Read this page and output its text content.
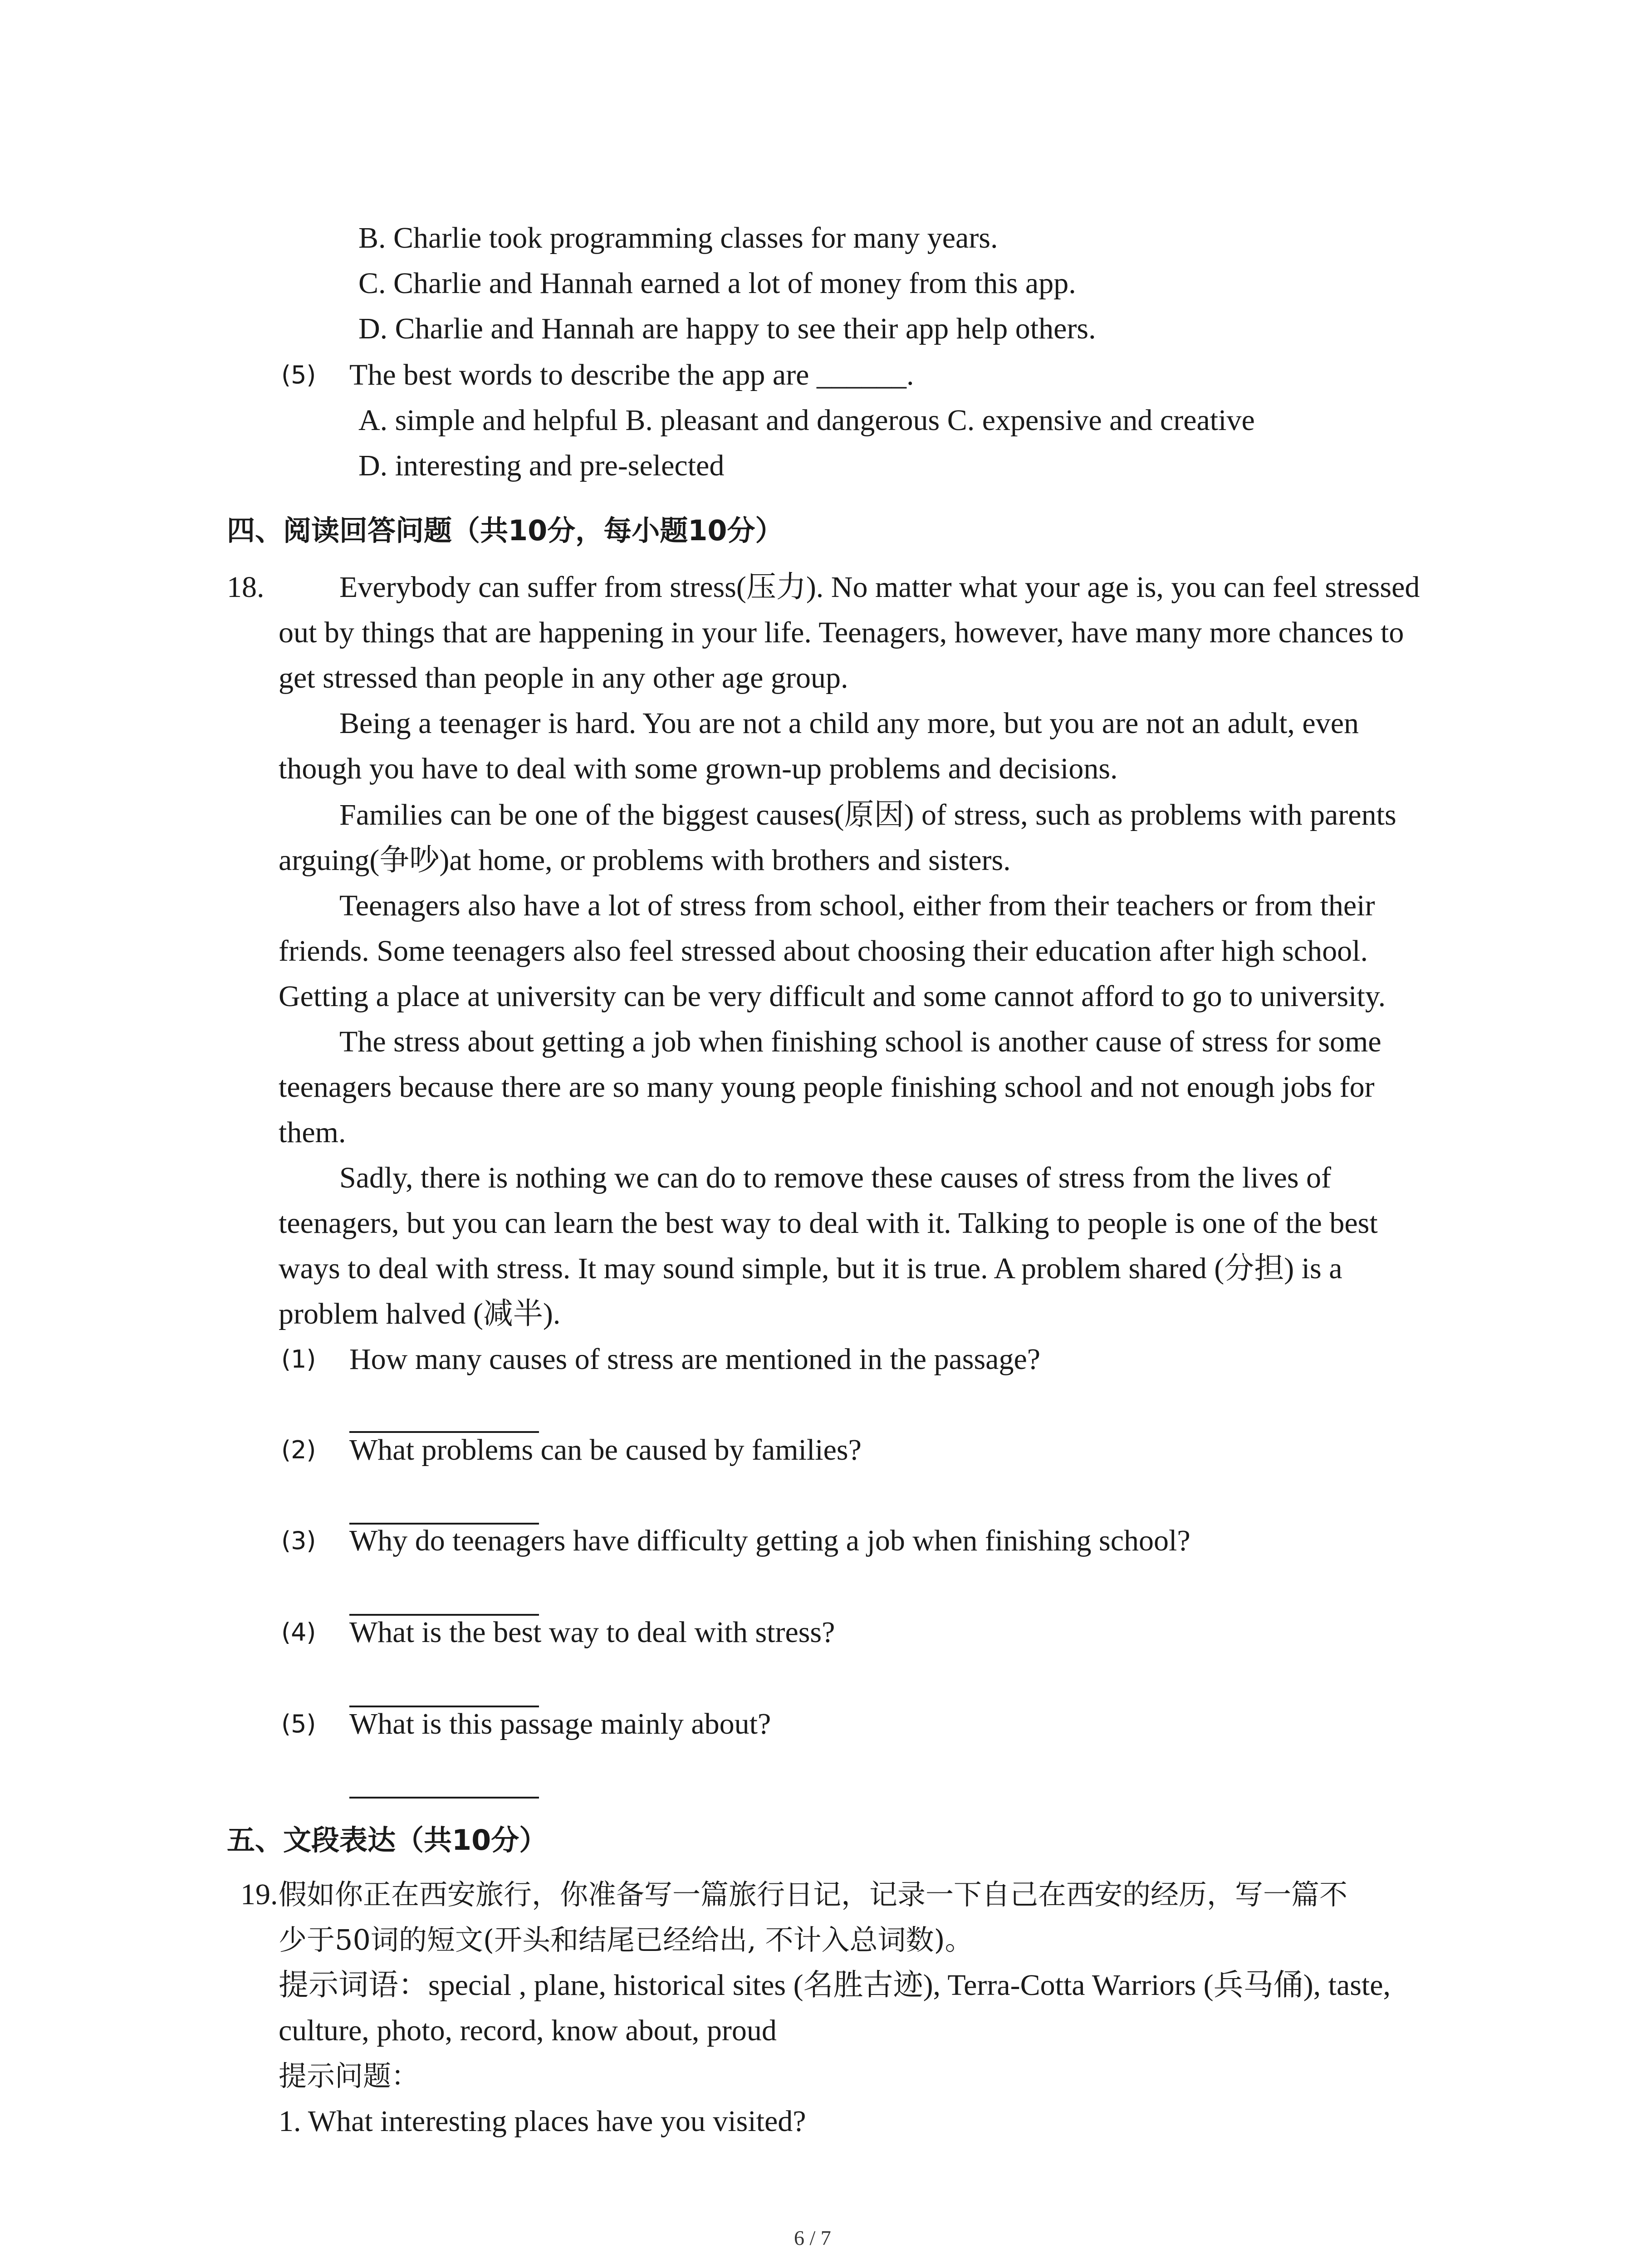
B. Charlie took programming classes for many years.
C. Charlie and Hannah earned a lot of money from this app.
D. Charlie and Hannah are happy to see their app help others.
(5) The best words to describe the app are ______.
A. simple and helpful B. pleasant and dangerous C. expensive and creative
D. interesting and pre-selected
四、阅读回答问题（共10分，每小题10分）
18.	Everybody can suffer from stress(压力). No matter what your age is, you can feel stressed
out by things that are happening in your life. Teenagers, however, have many more chances to
get stressed than people in any other age group.
Being a teenager is hard. You are not a child any more, but you are not an adult, even
though you have to deal with some grown-up problems and decisions.
Families can be one of the biggest causes(原因) of stress, such as problems with parents
arguing(争吵)at home, or problems with brothers and sisters.
Teenagers also have a lot of stress from school, either from their teachers or from their
friends. Some teenagers also feel stressed about choosing their education after high school.
Getting a place at university can be very difficult and some cannot afford to go to university.
The stress about getting a job when finishing school is another cause of stress for some
teenagers because there are so many young people finishing school and not enough jobs for
them.
Sadly, there is nothing we can do to remove these causes of stress from the lives of
teenagers, but you can learn the best way to deal with it. Talking to people is one of the best
ways to deal with stress. It may sound simple, but it is true. A problem shared (分担) is a
problem halved (减半).
(1) How many causes of stress are mentioned in the passage?
(2) What problems can be caused by families?
(3) Why do teenagers have difficulty getting a job when finishing school?
(4) What is the best way to deal with stress?
(5) What is this passage mainly about?
五、文段表达（共10分）
19. 假如你正在西安旅行，你准备写一篇旅行日记，记录一下自己在西安的经历，写一篇不
少于50词的短文(开头和结尾已经给出, 不计入总词数)。
提示词语：special , plane, historical sites (名胜古迹), Terra-Cotta Warriors (兵马俑), taste,
culture, photo, record, know about, proud
提示问题：
1. What interesting places have you visited?
6 / 7
